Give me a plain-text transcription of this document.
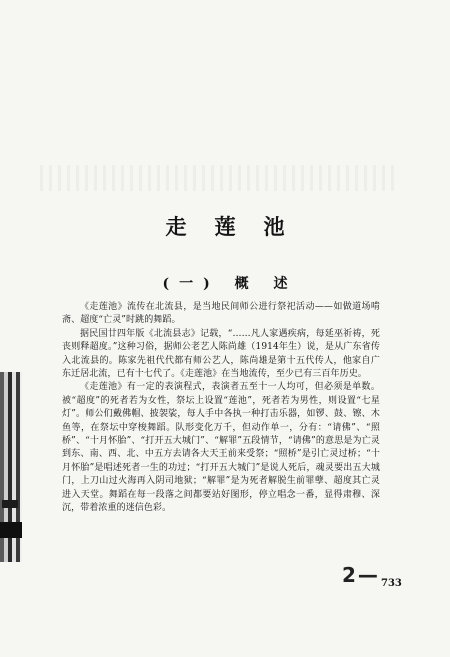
走莲池
(一) 概 述

《走莲池》流传在北流县，是当地民间师公进行祭祀活动——如做道场啃斋、超度“亡灵”时跳的舞蹈。

据民国廿四年版《北流县志》记载，“……凡人家遇疾病，每延巫祈祷，死丧则释超度。”这种习俗，据师公老艺人陈尚雄（1914年生）说，是从广东省传入北流县的。陈家先祖代代都有师公艺人，陈尚雄是第十五代传人，他家自广东迁居北流，已有十七代了。《走莲池》在当地流传，至少已有三百年历史。

《走莲池》有一定的表演程式，表演者五至十一人均可，但必须是单数。被“超度”的死者若为女性，祭坛上设置“莲池”，死者若为男性，则设置“七星灯”。师公们戴佛帽、披袈裟，每人手中各执一种打击乐器，如锣、鼓、镲、木鱼等，在祭坛中穿梭舞蹈。队形变化万千，但动作单一，分有：“请佛”、“照桥”、“十月怀胎”、“打开五大城门”、“解罪”五段情节，“请佛”的意思是为亡灵到东、南、西、北、中五方去请各大天王前来受祭；“照桥”是引亡灵过桥；“十月怀胎”是唱述死者一生的功过；“打开五大城门”是说人死后，魂灵要出五大城门，上刀山过火海再入阴司地狱；“解罪”是为死者解脱生前罪孽、超度其亡灵进入天堂。舞蹈在每一段落之间都要站好图形，停立唱念一番，显得肃穆、深沉，带着浓重的迷信色彩。

2— 733
